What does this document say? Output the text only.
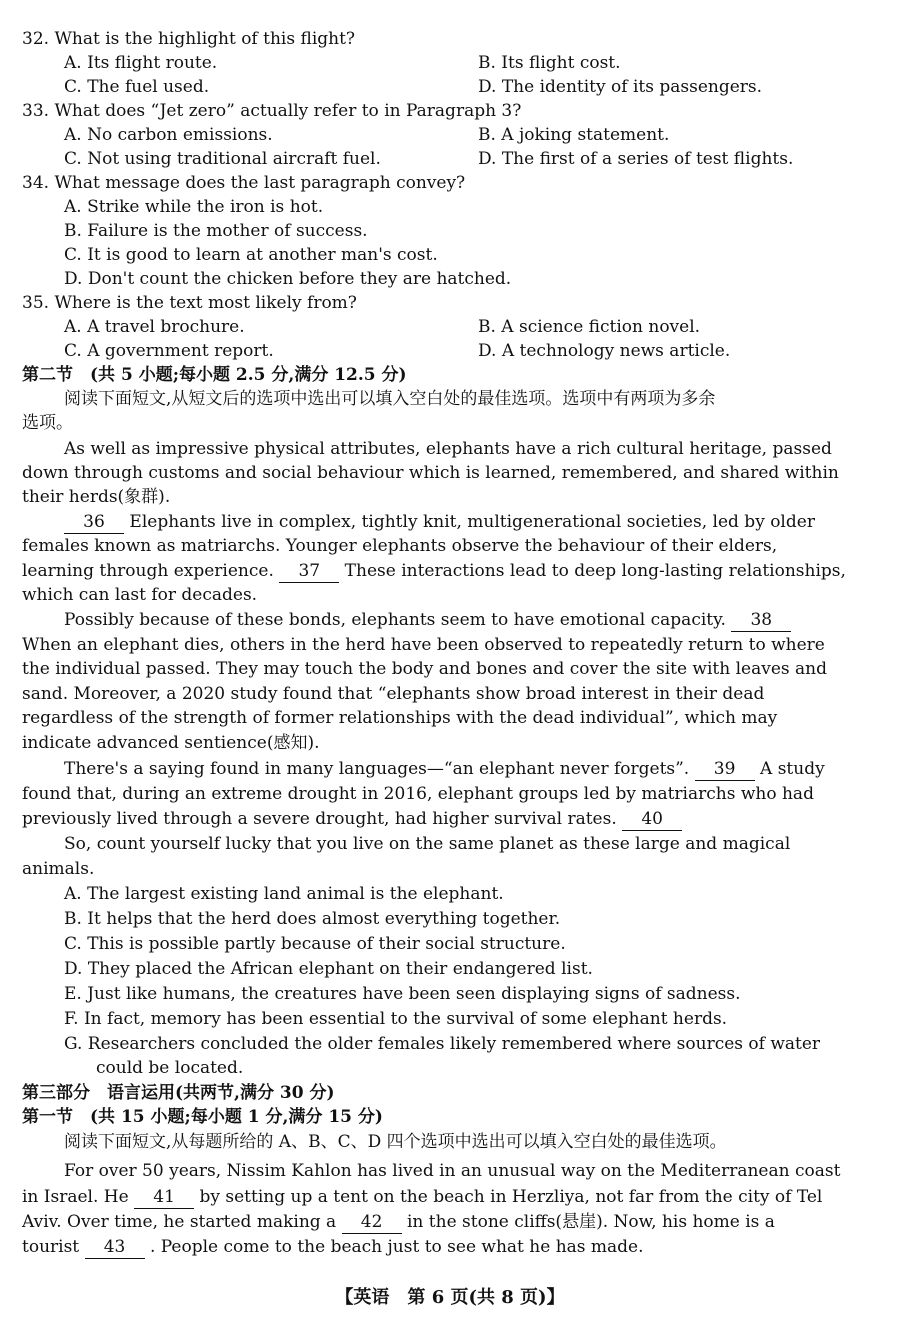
32. What is the highlight of this flight?
A. Its flight route.	B. Its flight cost.
C. The fuel used.	D. The identity of its passengers.
33. What does “Jet zero” actually refer to in Paragraph 3?
A. No carbon emissions.	B. A joking statement.
C. Not using traditional aircraft fuel.	D. The first of a series of test flights.
34. What message does the last paragraph convey?
A. Strike while the iron is hot.
B. Failure is the mother of success.
C. It is good to learn at another man's cost.
D. Don't count the chicken before they are hatched.
35. Where is the text most likely from?
A. A travel brochure.	B. A science fiction novel.
C. A government report.	D. A technology news article.
第二节　(共 5 小题;每小题 2.5 分,满分 12.5 分)
阅读下面短文,从短文后的选项中选出可以填入空白处的最佳选项。选项中有两项为多余
选项。
As well as impressive physical attributes, elephants have a rich cultural heritage, passed
down through customs and social behaviour which is learned, remembered, and shared within
their herds(象群).
36 Elephants live in complex, tightly knit, multigenerational societies, led by older
females known as matriarchs. Younger elephants observe the behaviour of their elders,
learning through experience. 37 These interactions lead to deep long-lasting relationships,
which can last for decades.
Possibly because of these bonds, elephants seem to have emotional capacity. 38
When an elephant dies, others in the herd have been observed to repeatedly return to where
the individual passed. They may touch the body and bones and cover the site with leaves and
sand. Moreover, a 2020 study found that “elephants show broad interest in their dead
regardless of the strength of former relationships with the dead individual”, which may
indicate advanced sentience(感知).
There's a saying found in many languages—“an elephant never forgets”. 39 A study
found that, during an extreme drought in 2016, elephant groups led by matriarchs who had
previously lived through a severe drought, had higher survival rates. 40
So, count yourself lucky that you live on the same planet as these large and magical
animals.
A. The largest existing land animal is the elephant.
B. It helps that the herd does almost everything together.
C. This is possible partly because of their social structure.
D. They placed the African elephant on their endangered list.
E. Just like humans, the creatures have been seen displaying signs of sadness.
F. In fact, memory has been essential to the survival of some elephant herds.
G. Researchers concluded the older females likely remembered where sources of water
could be located.
第三部分　语言运用(共两节,满分 30 分)
第一节　(共 15 小题;每小题 1 分,满分 15 分)
阅读下面短文,从每题所给的 A、B、C、D 四个选项中选出可以填入空白处的最佳选项。
For over 50 years, Nissim Kahlon has lived in an unusual way on the Mediterranean coast
in Israel. He 41 by setting up a tent on the beach in Herzliya, not far from the city of Tel
Aviv. Over time, he started making a 42 in the stone cliffs(悬崖). Now, his home is a
tourist 43 . People come to the beach just to see what he has made.
【英语　第 6 页(共 8 页)】
